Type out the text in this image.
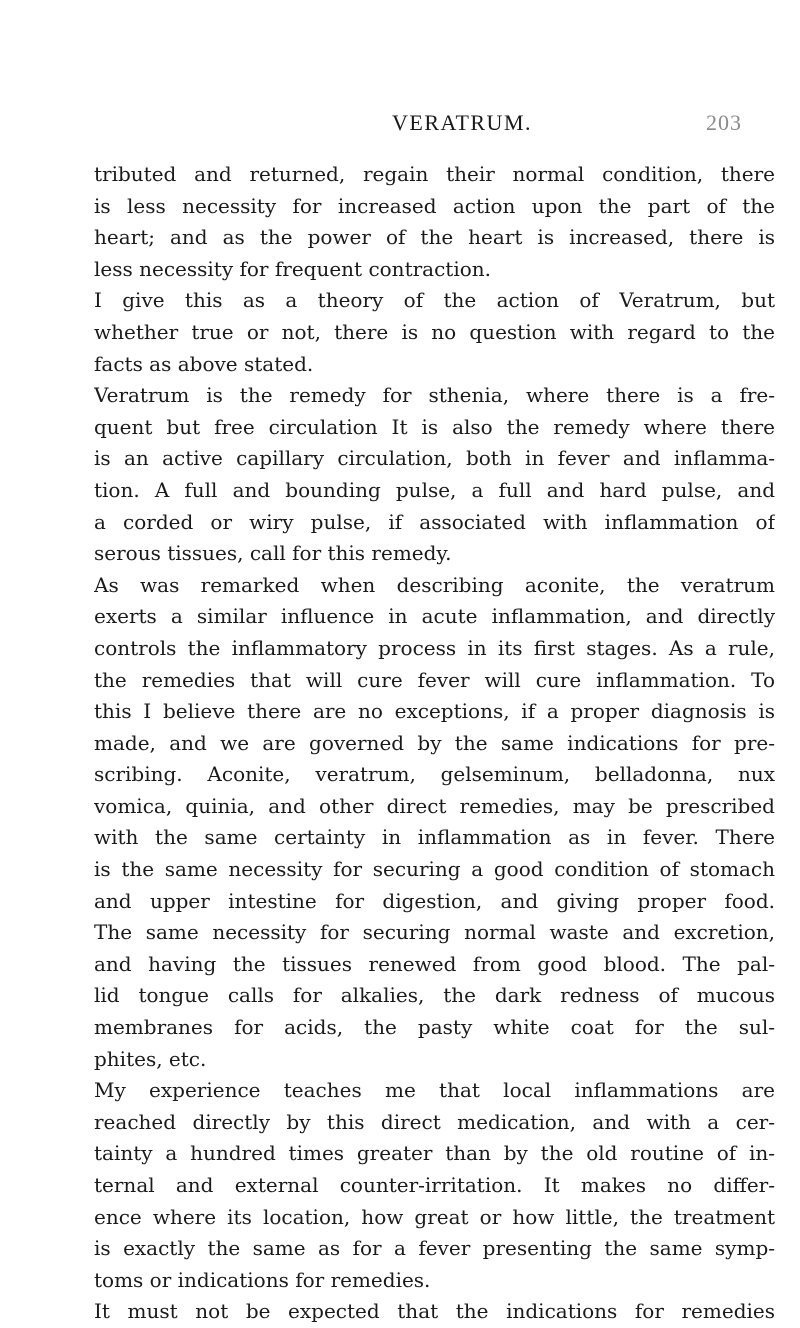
VERATRUM.	203
tributed and returned, regain their normal condition, there
is less necessity for increased action upon the part of the
heart; and as the power of the heart is increased, there is
less necessity for frequent contraction.
I give this as a theory of the action of Veratrum, but
whether true or not, there is no question with regard to the
facts as above stated.
Veratrum is the remedy for sthenia, where there is a fre-
quent but free circulation It is also the remedy where there
is an active capillary circulation, both in fever and inflamma-
tion. A full and bounding pulse, a full and hard pulse, and
a corded or wiry pulse, if associated with inflammation of
serous tissues, call for this remedy.
As was remarked when describing aconite, the veratrum
exerts a similar influence in acute inflammation, and directly
controls the inflammatory process in its first stages. As a rule,
the remedies that will cure fever will cure inflammation. To
this I believe there are no exceptions, if a proper diagnosis is
made, and we are governed by the same indications for pre-
scribing. Aconite, veratrum, gelseminum, belladonna, nux
vomica, quinia, and other direct remedies, may be prescribed
with the same certainty in inflammation as in fever. There
is the same necessity for securing a good condition of stomach
and upper intestine for digestion, and giving proper food.
The same necessity for securing normal waste and excretion,
and having the tissues renewed from good blood. The pal-
lid tongue calls for alkalies, the dark redness of mucous
membranes for acids, the pasty white coat for the sul-
phites, etc.
My experience teaches me that local inflammations are
reached directly by this direct medication, and with a cer-
tainty a hundred times greater than by the old routine of in-
ternal and external counter-irritation. It makes no differ-
ence where its location, how great or how little, the treatment
is exactly the same as for a fever presenting the same symp-
toms or indications for remedies.
It must not be expected that the indications for remedies
